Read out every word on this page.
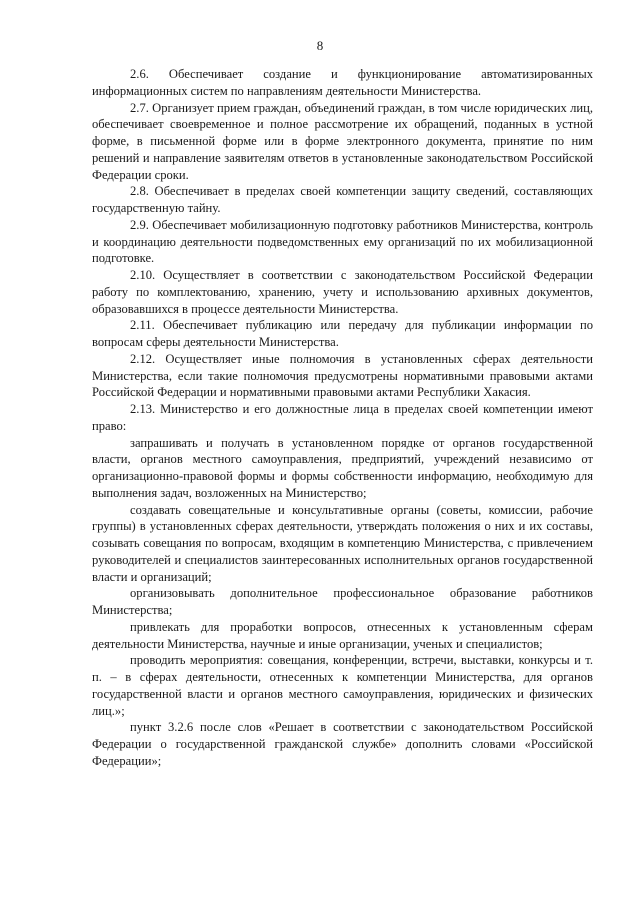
8

2.6. Обеспечивает создание и функционирование автоматизированных информационных систем по направлениям деятельности Министерства.

2.7. Организует прием граждан, объединений граждан, в том числе юридических лиц, обеспечивает своевременное и полное рассмотрение их обращений, поданных в устной форме, в письменной форме или в форме электронного документа, принятие по ним решений и направление заявителям ответов в установленные законодательством Российской Федерации сроки.

2.8. Обеспечивает в пределах своей компетенции защиту сведений, составляющих государственную тайну.

2.9. Обеспечивает мобилизационную подготовку работников Министерства, контроль и координацию деятельности подведомственных ему организаций по их мобилизационной подготовке.

2.10. Осуществляет в соответствии с законодательством Российской Федерации работу по комплектованию, хранению, учету и использованию архивных документов, образовавшихся в процессе деятельности Министерства.

2.11. Обеспечивает публикацию или передачу для публикации информации по вопросам сферы деятельности Министерства.

2.12. Осуществляет иные полномочия в установленных сферах деятельности Министерства, если такие полномочия предусмотрены нормативными правовыми актами Российской Федерации и нормативными правовыми актами Республики Хакасия.

2.13. Министерство и его должностные лица в пределах своей компетенции имеют право:

запрашивать и получать в установленном порядке от органов государственной власти, органов местного самоуправления, предприятий, учреждений независимо от организационно-правовой формы и формы собственности информацию, необходимую для выполнения задач, возложенных на Министерство;

создавать совещательные и консультативные органы (советы, комиссии, рабочие группы) в установленных сферах деятельности, утверждать положения о них и их составы, созывать совещания по вопросам, входящим в компетенцию Министерства, с привлечением руководителей и специалистов заинтересованных исполнительных органов государственной власти и организаций;

организовывать дополнительное профессиональное образование работников Министерства;

привлекать для проработки вопросов, отнесенных к установленным сферам деятельности Министерства, научные и иные организации, ученых и специалистов;

проводить мероприятия: совещания, конференции, встречи, выставки, конкурсы и т. п. – в сферах деятельности, отнесенных к компетенции Министерства, для органов государственной власти и органов местного самоуправления, юридических и физических лиц.»;

пункт 3.2.6 после слов «Решает в соответствии с законодательством Российской Федерации о государственной гражданской службе» дополнить словами «Российской Федерации»;
